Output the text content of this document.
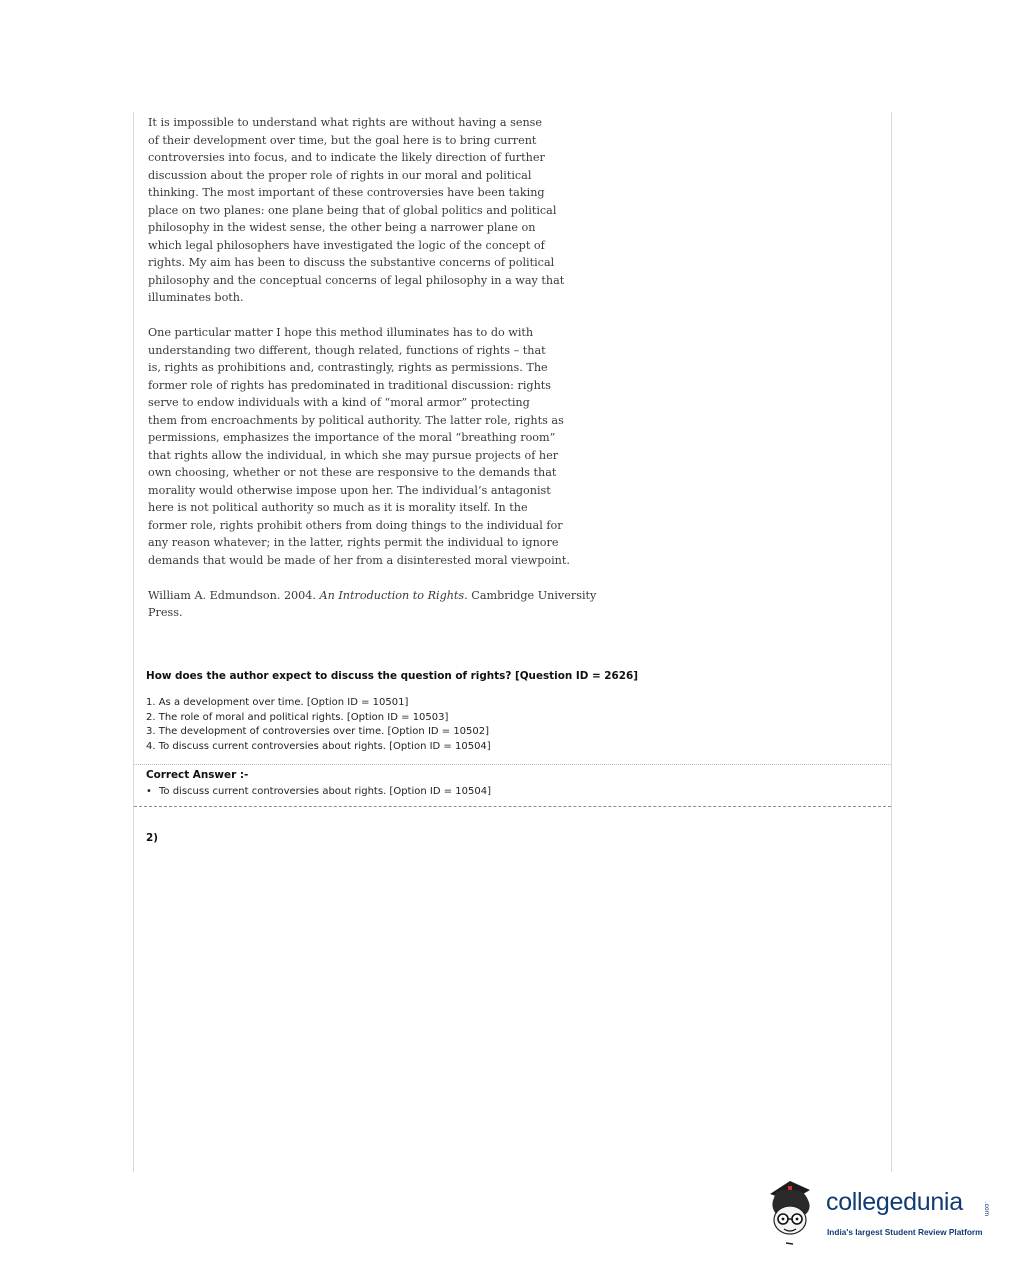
It is impossible to understand what rights are without having a sense

of their development over time, but the goal here is to bring current

controversies into focus, and to indicate the likely direction of further

discussion about the proper role of rights in our moral and political

thinking. The most important of these controversies have been taking

place on two planes: one plane being that of global politics and political

philosophy in the widest sense, the other being a narrower plane on

which legal philosophers have investigated the logic of the concept of

rights. My aim has been to discuss the substantive concerns of political

philosophy and the conceptual concerns of legal philosophy in a way that

illuminates both.

One particular matter I hope this method illuminates has to do with

understanding two different, though related, functions of rights – that

is, rights as prohibitions and, contrastingly, rights as permissions. The

former role of rights has predominated in traditional discussion: rights

serve to endow individuals with a kind of “moral armor” protecting

them from encroachments by political authority. The latter role, rights as

permissions, emphasizes the importance of the moral “breathing room”

that rights allow the individual, in which she may pursue projects of her

own choosing, whether or not these are responsive to the demands that

morality would otherwise impose upon her. The individual’s antagonist

here is not political authority so much as it is morality itself. In the

former role, rights prohibit others from doing things to the individual for

any reason whatever; in the latter, rights permit the individual to ignore

demands that would be made of her from a disinterested moral viewpoint.

William A. Edmundson. 2004. An Introduction to Rights. Cambridge University

Press.

How does the author expect to discuss the question of rights? [Question ID = 2626]
1. As a development over time. [Option ID = 10501]
2. The role of moral and political rights. [Option ID = 10503]
3. The development of controversies over time. [Option ID = 10502]
4. To discuss current controversies about rights. [Option ID = 10504]
Correct Answer :-
• To discuss current controversies about rights. [Option ID = 10504]
2)
collegedunia	.com
India's largest Student Review Platform
